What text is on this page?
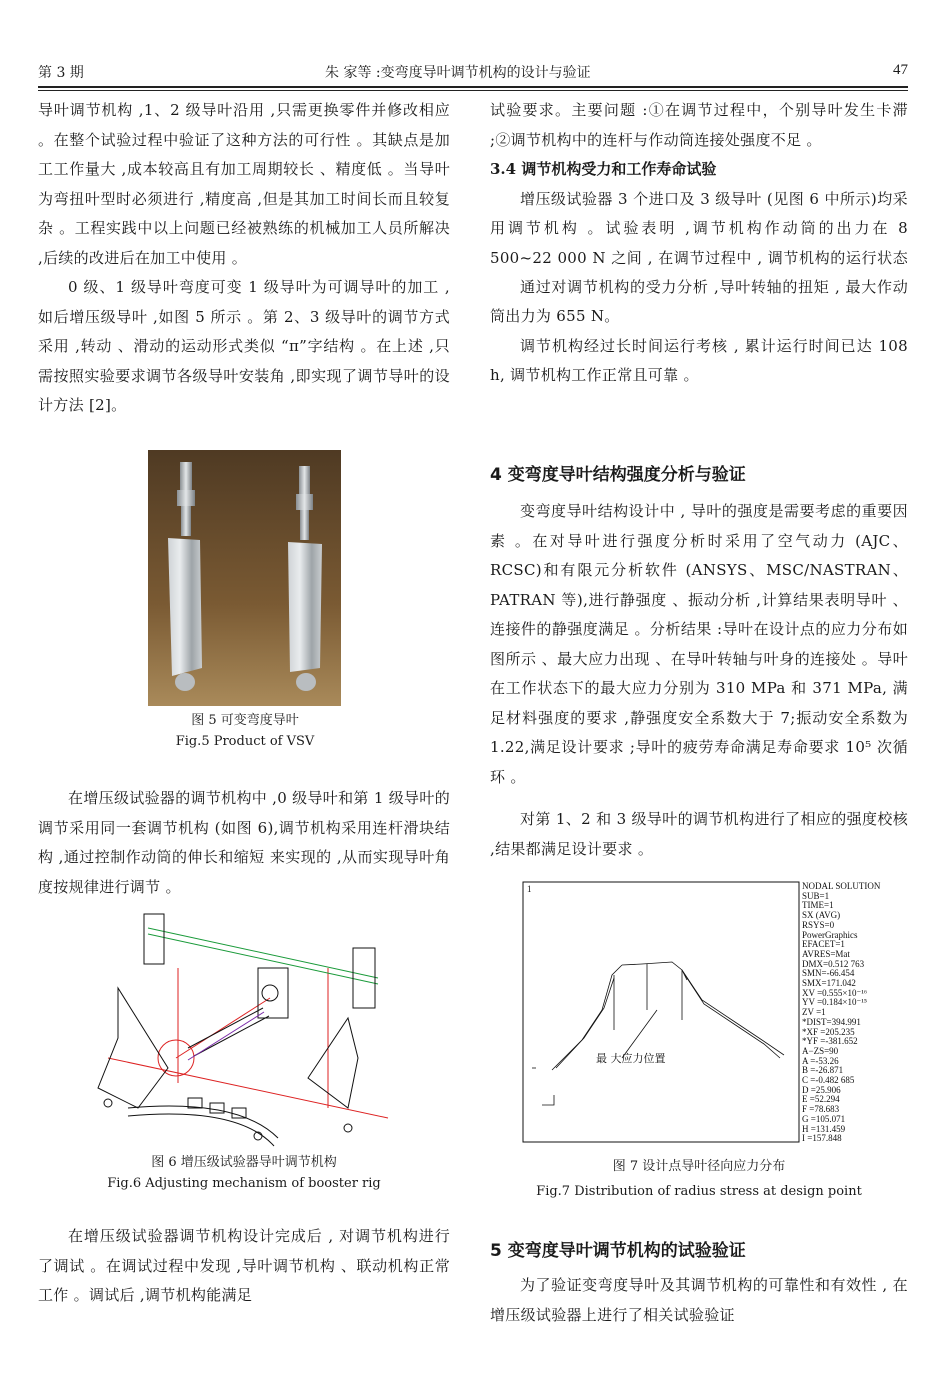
第 3 期	朱 家等 :变弯度导叶调节机构的设计与验证	47

导叶调节机构 ,1、2 级导叶沿用 ,只需更换零件并修改相应 。在整个试验过程中验证了这种方法的可行性 。其缺点是加工工作量大 ,成本较高且有加工周期较长 、精度低 。当导叶为弯扭叶型时必须进行 ,精度高 ,但是其加工时间长而且较复杂 。工程实践中以上问题已经被熟练的机械加工人员所解决 ,后续的改进后在加工中使用 。

0 级、1 级导叶弯度可变 1 级导叶为可调导叶的加工 , 如后增压级导叶 ,如图 5 所示 。第 2、3 级导叶的调节方式采用 ,转动 、滑动的运动形式类似 “π”字结构 。在上述 ,只需按照实验要求调节各级导叶安装角 ,即实现了调节导叶的设计方法 [2]。

图 5 可变弯度导叶

Fig.5 Product of VSV

在增压级试验器的调节机构中 ,0 级导叶和第 1 级导叶的调节采用同一套调节机构 (如图 6),调节机构采用连杆滑块结构 ,通过控制作动筒的伸长和缩短 来实现的 ,从而实现导叶角度按规律进行调节 。

图 6 增压级试验器导叶调节机构

Fig.6 Adjusting mechanism of booster rig

在增压级试验器调节机构设计完成后 , 对调节机构进行了调试 。在调试过程中发现 ,导叶调节机构 、联动机构正常工作 。调试后 ,调节机构能满足

试验要求。主要问题 :①在调节过程中，个别导叶发生卡滞 ;②调节机构中的连杆与作动筒连接处强度不足 。

3.4 调节机构受力和工作寿命试验

增压级试验器 3 个进口及 3 级导叶 (见图 6 中所示)均采用调节机构 。试验表明 ,调节机构作动筒的出力在 8 500~22 000 N 之间 , 在调节过程中 , 调节机构的运行状态

通过对调节机构的受力分析 ,导叶转轴的扭矩 , 最大作动筒出力为 655 N。

调节机构经过长时间运行考核 , 累计运行时间已达 108 h, 调节机构工作正常且可靠 。

4 变弯度导叶结构强度分析与验证

变弯度导叶结构设计中 , 导叶的强度是需要考虑的重要因素 。在对导叶进行强度分析时采用了空气动力 (AJC、RCSC)和有限元分析软件 (ANSYS、MSC/NASTRAN、PATRAN 等),进行静强度 、振动分析 ,计算结果表明导叶 、连接件的静强度满足 。分析结果 :导叶在设计点的应力分布如图所示 、最大应力出现 、在导叶转轴与叶身的连接处 。导叶在工作状态下的最大应力分别为 310 MPa 和 371 MPa, 满足材料强度的要求 ,静强度安全系数大于 7;振动安全系数为 1.22,满足设计要求 ;导叶的疲劳寿命满足寿命要求 10⁵ 次循环 。

对第 1、2 和 3 级导叶的调节机构进行了相应的强度校核 ,结果都满足设计要求 。

1
最 大应力位置
NODAL SOLUTION
SUB=1
TIME=1
SX (AVG)
RSYS=0
PowerGraphics
EFACET=1
AVRES=Mat
DMX=0.512 763
SMN=-66.454
SMX=171.042
XV =0.555×10⁻¹⁶
YV =0.184×10⁻¹⁵
ZV =1
*DIST=394.991
*XF =205.235
*YF =-381.652
A−ZS=90
A =-53.26
B =-26.871
C =-0.482 685
D =25.906
E =52.294
F =78.683
G =105.071
H =131.459
I =157.848

图 7 设计点导叶径向应力分布

Fig.7 Distribution of radius stress at design point

5 变弯度导叶调节机构的试验验证

为了验证变弯度导叶及其调节机构的可靠性和有效性 , 在增压级试验器上进行了相关试验验证
